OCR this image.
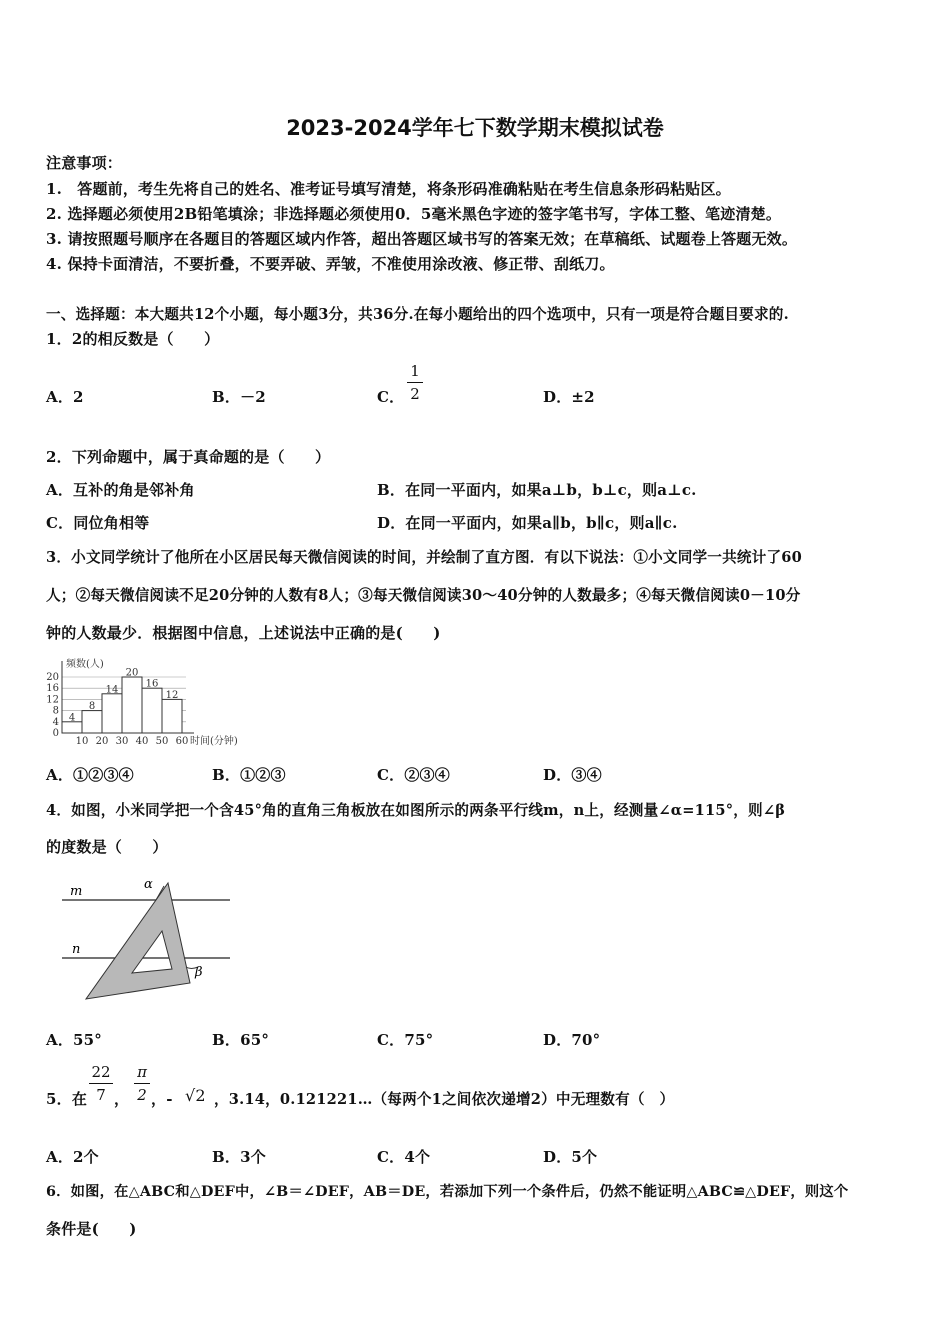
2023-2024学年七下数学期末模拟试卷
注意事项：
1.　答题前，考生先将自己的姓名、准考证号填写清楚，将条形码准确粘贴在考生信息条形码粘贴区。
2. 选择题必须使用2B铅笔填涂；非选择题必须使用0．5毫米黑色字迹的签字笔书写，字体工整、笔迹清楚。
3. 请按照题号顺序在各题目的答题区域内作答，超出答题区域书写的答案无效；在草稿纸、试题卷上答题无效。
4. 保持卡面清洁，不要折叠，不要弄破、弄皱，不准使用涂改液、修正带、刮纸刀。
一、选择题：本大题共12个小题，每小题3分，共36分.在每小题给出的四个选项中，只有一项是符合题目要求的.
1．2的相反数是（　　）
A．2	B．－2	C．
1
2	D．±2
2．下列命题中，属于真命题的是（　　）
A．互补的角是邻补角	B．在同一平面内，如果a⊥b，b⊥c，则a⊥c.
C．同位角相等	D．在同一平面内，如果a∥b，b∥c，则a∥c.
3．小文同学统计了他所在小区居民每天微信阅读的时间，并绘制了直方图．有以下说法：①小文同学一共统计了60
人；②每天微信阅读不足20分钟的人数有8人；③每天微信阅读30～40分钟的人数最多；④每天微信阅读0－10分
钟的人数最少．根据图中信息，上述说法中正确的是(　　)
4
8
14
20
16
12
20
16
12
8
4
0
10 20 30 40 50 60
频数(人)
时间(分钟)
A．①②③④	B．①②③	C．②③④	D．③④
4．如图，小米同学把一个含45°角的直角三角板放在如图所示的两条平行线m，n上，经测量∠α=115°，则∠β
的度数是（　　）
m
n
α
β
A．55°	B．65°	C．75°	D．70°
5．在
22
7 ，
π
2 ，- √2 ，3.14，0.121221…（每两个1之间依次递增2）中无理数有（　）
A．2个	B．3个	C．4个	D．5个
6．如图，在△ABC和△DEF中，∠B＝∠DEF，AB＝DE，若添加下列一个条件后，仍然不能证明△ABC≌△DEF，则这个
条件是(　　)
